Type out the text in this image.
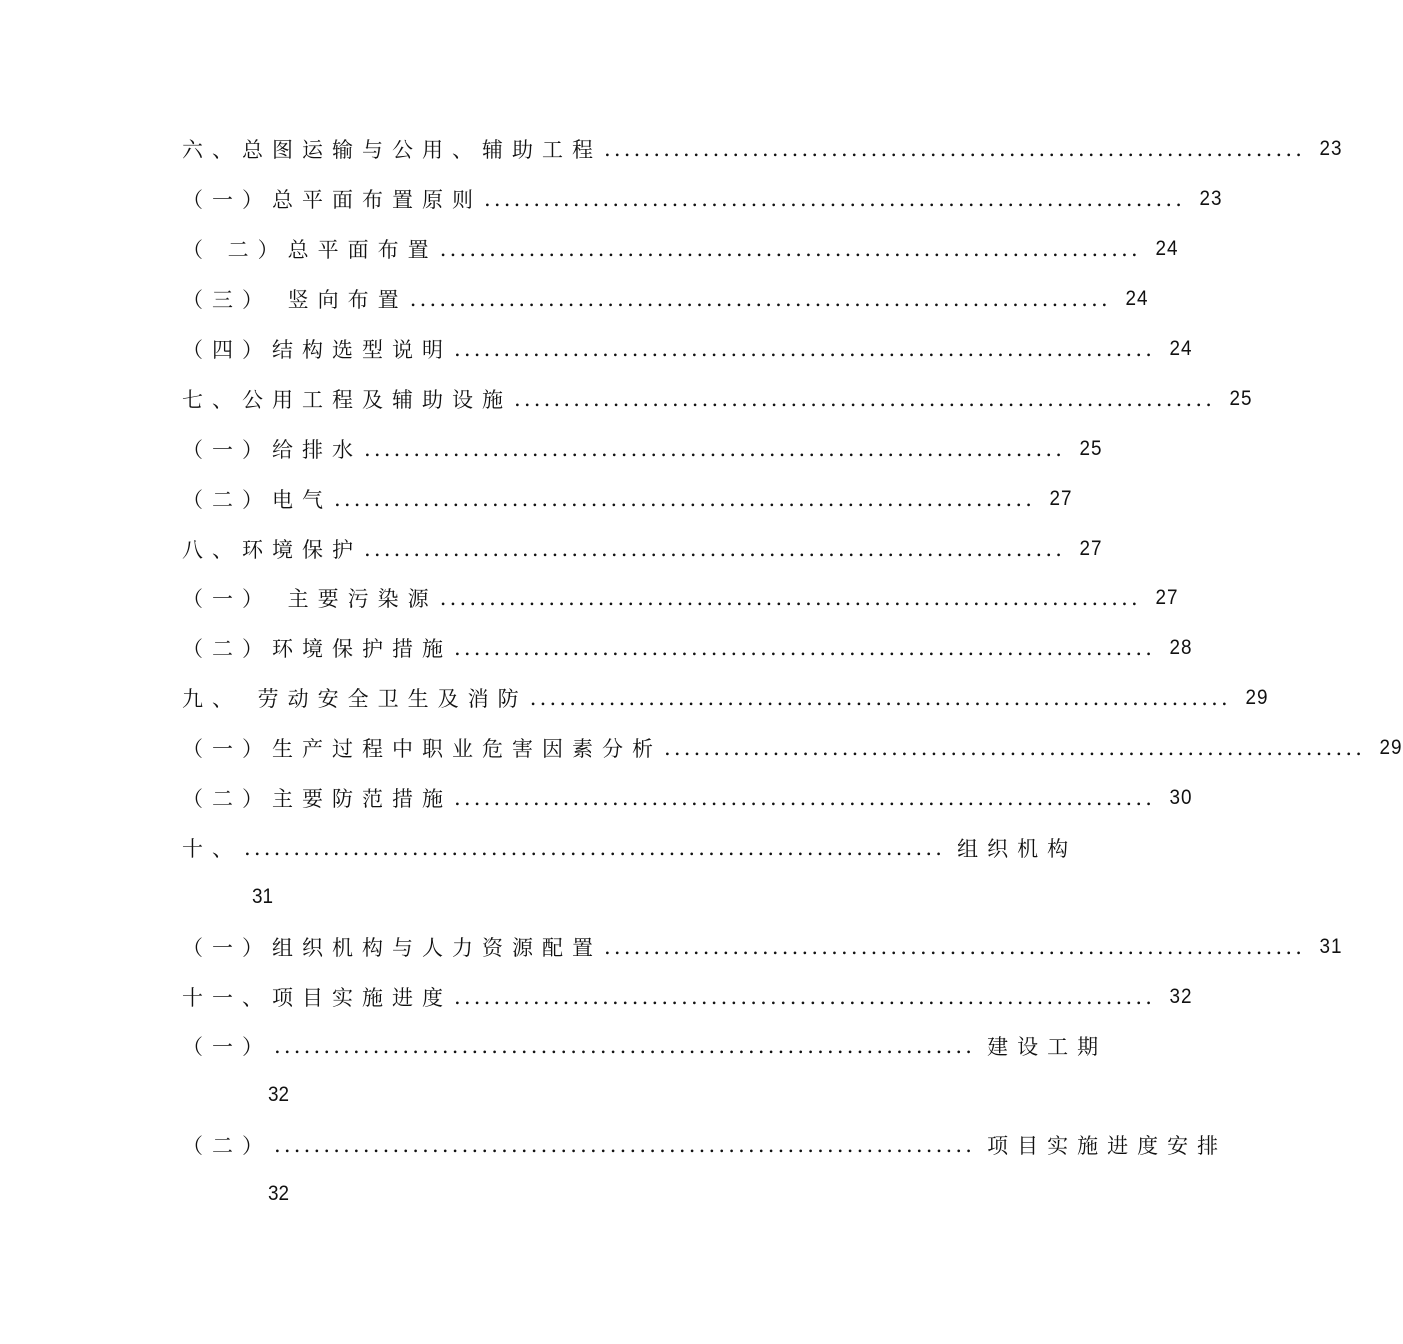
六、总图运输与公用、辅助工程 ....................................................................... 23
（一）总平面布置原则 ....................................................................... 23
（ 二）总平面布置 ....................................................................... 24
（三） 竖向布置 ....................................................................... 24
（四）结构选型说明 ....................................................................... 24
七、公用工程及辅助设施 ....................................................................... 25
（一）给排水 ....................................................................... 25
（二）电气 ....................................................................... 27
八、环境保护 ....................................................................... 27
（一） 主要污染源 ....................................................................... 27
（二）环境保护措施 ....................................................................... 28
九、 劳动安全卫生及消防 ....................................................................... 29
（一）生产过程中职业危害因素分析 ....................................................................... 29
（二）主要防范措施 ....................................................................... 30
十、 ....................................................................... 组织机构
31
（一）组织机构与人力资源配置 ....................................................................... 31
十一、项目实施进度 ....................................................................... 32
（一） ....................................................................... 建设工期
32
（二） ....................................................................... 项目实施进度安排
32
